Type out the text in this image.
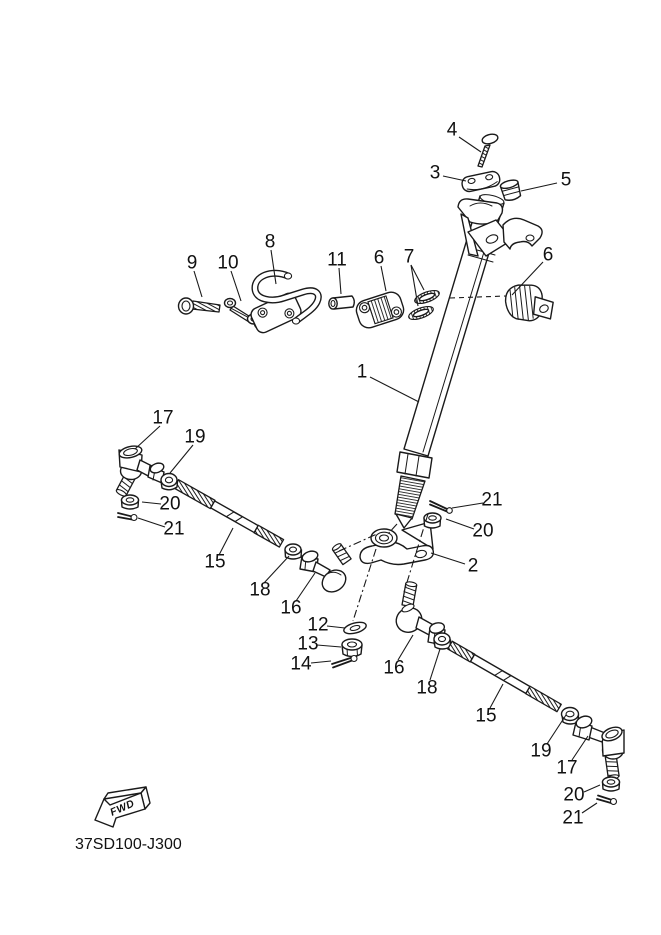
4
3	5
8
9 10	11 6 7	6
1
17
19
20
21
15
18
16
21
20
2
12
13
14	16
18
15
19
17
20
21
FWD
37SD100-J300
